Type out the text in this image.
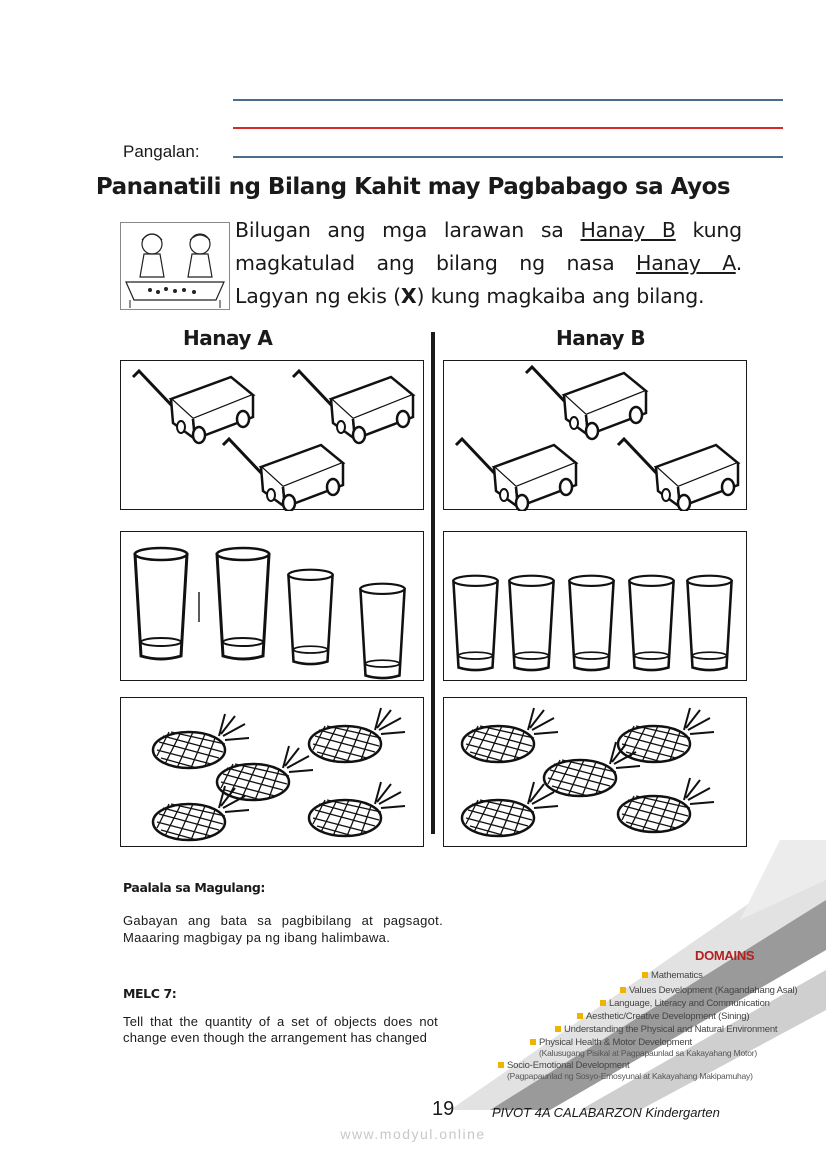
Pangalan:
Pananatili ng Bilang Kahit may Pagbabago sa Ayos
Bilugan ang mga larawan sa Hanay B kung
magkatulad ang bilang ng nasa Hanay A.
Lagyan ng ekis (X) kung magkaiba ang bilang.
Hanay A	Hanay B
Paalala sa Magulang:
Gabayan ang bata sa pagbibilang at pagsagot. Maaaring magbigay pa ng ibang halimbawa.
MELC 7:
Tell that the quantity of a set of objects does not change even though the arrangement has changed
DOMAINS
Mathematics
Values Development (Kagandahang Asal)
Language, Literacy and Communication
Aesthetic/Creative Development (Sining)
Understanding the Physical and Natural Environment
Physical Health & Motor Development
(Kalusugang Pisikal at Pagpapaunlad sa Kakayahang Motor)
Socio-Emotional Development
(Pagpapaunlad ng Sosyo-Emosyunal at Kakayahang Makipamuhay)
19	PIVOT 4A CALABARZON Kindergarten
www.modyul.online
